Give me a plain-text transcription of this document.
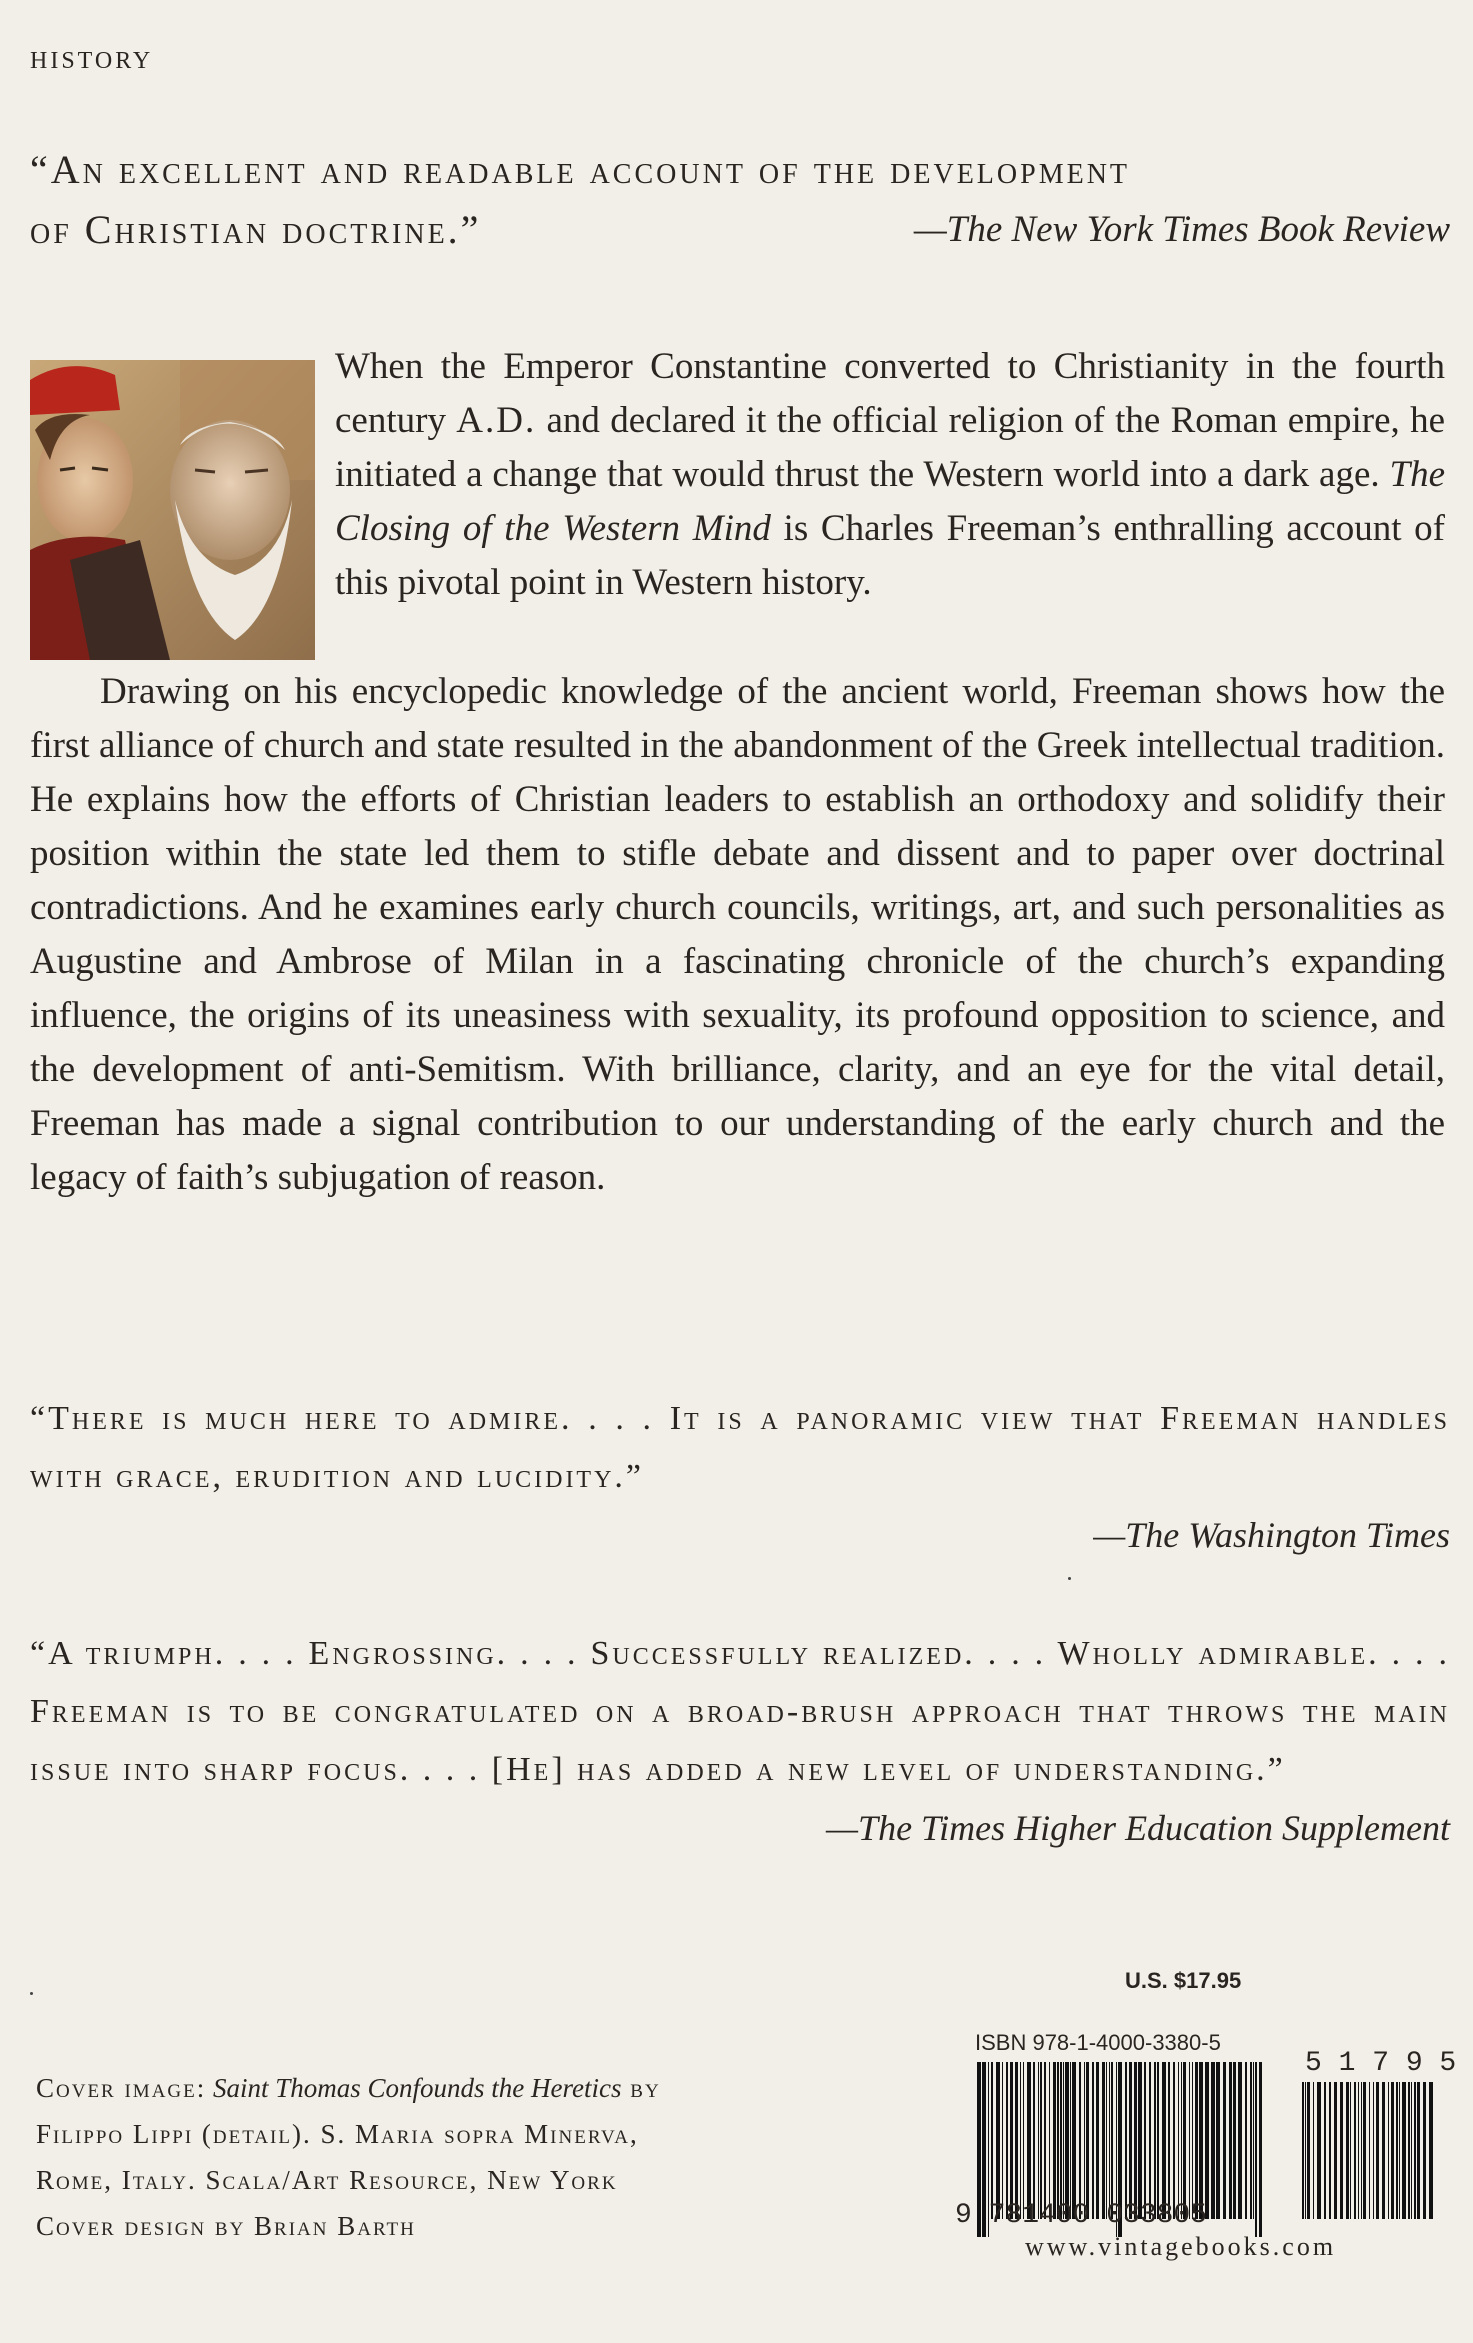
HISTORY
“An excellent and readable account of the development
of Christian doctrine.”	—The New York Times Book Review
When the Emperor Constantine converted to Christianity in the fourth century A.D. and declared it the official religion of the Roman empire, he initiated a change that would thrust the Western world into a dark age. The Closing of the Western Mind is Charles Freeman’s enthralling account of this pivotal point in Western history.
Drawing on his encyclopedic knowledge of the ancient world, Freeman shows how the first alliance of church and state resulted in the abandonment of the Greek intellectual tradition. He explains how the efforts of Christian leaders to establish an orthodoxy and solidify their position within the state led them to stifle debate and dissent and to paper over doctrinal contradictions. And he examines early church councils, writings, art, and such personalities as Augustine and Ambrose of Milan in a fascinating chronicle of the church’s expanding influence, the origins of its uneasiness with sexuality, its profound opposition to science, and the development of anti-Semitism. With brilliance, clarity, and an eye for the vital detail, Freeman has made a signal contribution to our understanding of the early church and the legacy of faith’s subjugation of reason.
“There is much here to admire. . . . It is a panoramic view that Freeman handles with grace, erudition and lucidity.”
—The Washington Times
“A triumph. . . . Engrossing. . . . Successfully realized. . . . Wholly admirable. . . . Freeman is to be congratulated on a broad-brush approach that throws the main issue into sharp focus. . . . [He] has added a new level of understanding.”
—The Times Higher Education Supplement
Cover image: Saint Thomas Confounds the Heretics by
Filippo Lippi (detail). S. Maria sopra Minerva,
Rome, Italy. Scala/Art Resource, New York
Cover design by Brian Barth
U.S. $17.95
ISBN 978-1-4000-3380-5
9 781400 033805
5 1 7 9 5
www.vintagebooks.com
